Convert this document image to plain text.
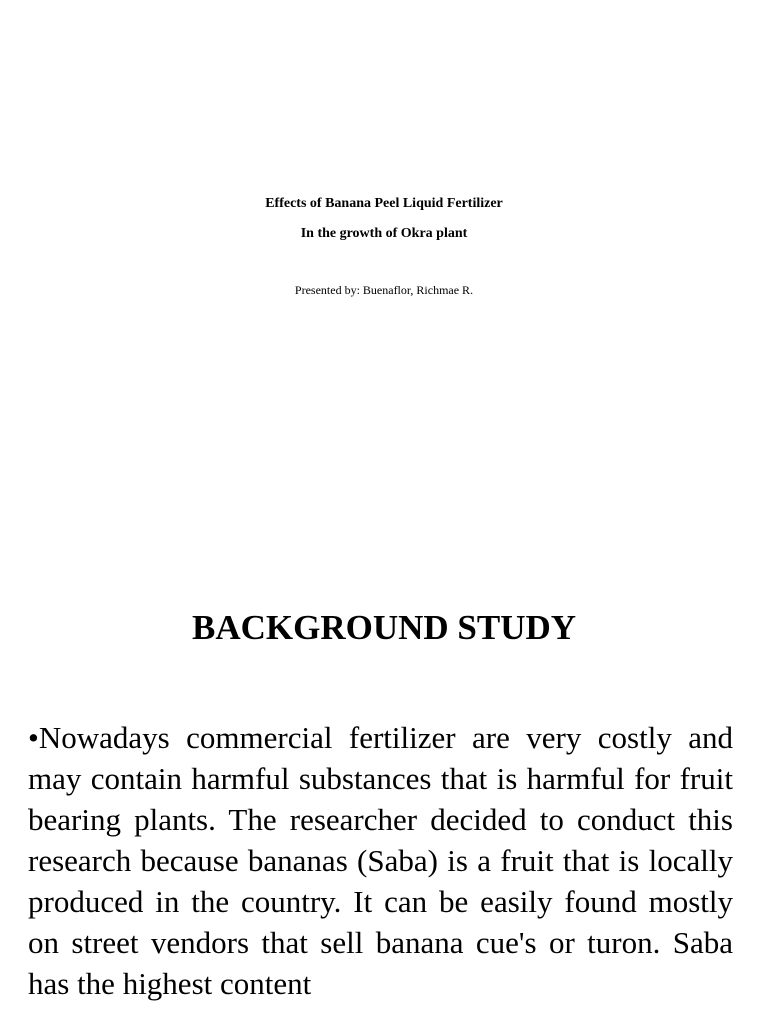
Effects of Banana Peel Liquid Fertilizer
In the growth of Okra plant
Presented by: Buenaflor, Richmae R.
BACKGROUND STUDY

•Nowadays commercial fertilizer are very costly and may contain harmful substances that is harmful for fruit bearing plants. The researcher decided to conduct this research because bananas (Saba) is a fruit that is locally produced in the country. It can be easily found mostly on street vendors that sell banana cue's or turon. Saba has the highest content
